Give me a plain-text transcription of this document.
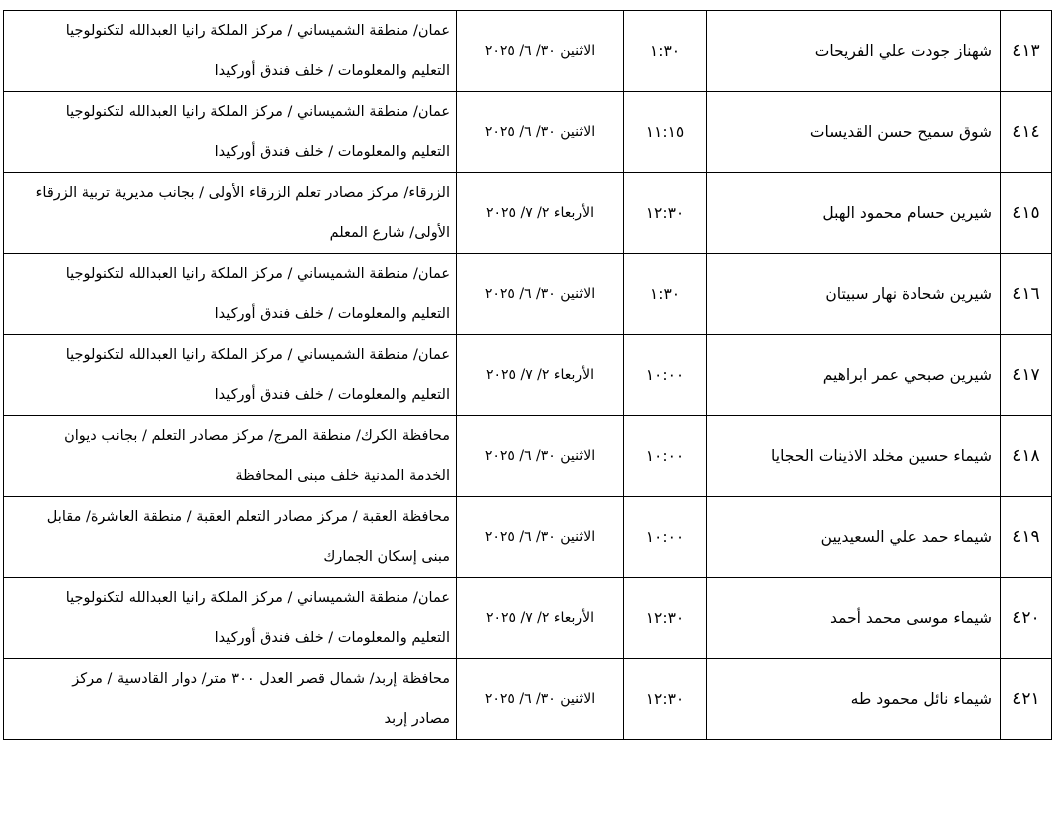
٤١٣	شهناز جودت علي الفريحات	١:٣٠	الاثنين ٣٠/ ٦/ ٢٠٢٥	عمان/ منطقة الشميساني / مركز الملكة رانيا العبدالله لتكنولوجيا
التعليم والمعلومات / خلف فندق أوركيدا

٤١٤	شوق سميح حسن القديسات	١١:١٥	الاثنين ٣٠/ ٦/ ٢٠٢٥	عمان/ منطقة الشميساني / مركز الملكة رانيا العبدالله لتكنولوجيا
التعليم والمعلومات / خلف فندق أوركيدا

٤١٥	شيرين حسام محمود الهبل	١٢:٣٠	الأربعاء ٢/ ٧/ ٢٠٢٥	الزرقاء/ مركز مصادر تعلم الزرقاء الأولى / بجانب مديرية تربية الزرقاء
الأولى/ شارع المعلم

٤١٦	شيرين شحادة نهار سبيتان	١:٣٠	الاثنين ٣٠/ ٦/ ٢٠٢٥	عمان/ منطقة الشميساني / مركز الملكة رانيا العبدالله لتكنولوجيا
التعليم والمعلومات / خلف فندق أوركيدا

٤١٧	شيرين صبحي عمر ابراهيم	١٠:٠٠	الأربعاء ٢/ ٧/ ٢٠٢٥	عمان/ منطقة الشميساني / مركز الملكة رانيا العبدالله لتكنولوجيا
التعليم والمعلومات / خلف فندق أوركيدا

٤١٨	شيماء حسين مخلد الاذينات الحجايا	١٠:٠٠	الاثنين ٣٠/ ٦/ ٢٠٢٥	محافظة الكرك/ منطقة المرج/ مركز مصادر التعلم / بجانب ديوان
الخدمة المدنية خلف مبنى المحافظة

٤١٩	شيماء حمد علي السعيديين	١٠:٠٠	الاثنين ٣٠/ ٦/ ٢٠٢٥	محافظة العقبة / مركز مصادر التعلم العقبة / منطقة العاشرة/ مقابل
مبنى إسكان الجمارك

٤٢٠	شيماء موسى محمد أحمد	١٢:٣٠	الأربعاء ٢/ ٧/ ٢٠٢٥	عمان/ منطقة الشميساني / مركز الملكة رانيا العبدالله لتكنولوجيا
التعليم والمعلومات / خلف فندق أوركيدا

٤٢١	شيماء نائل محمود طه	١٢:٣٠	الاثنين ٣٠/ ٦/ ٢٠٢٥	محافظة إربد/ شمال قصر العدل ٣٠٠ متر/ دوار القادسية / مركز
مصادر إربد
